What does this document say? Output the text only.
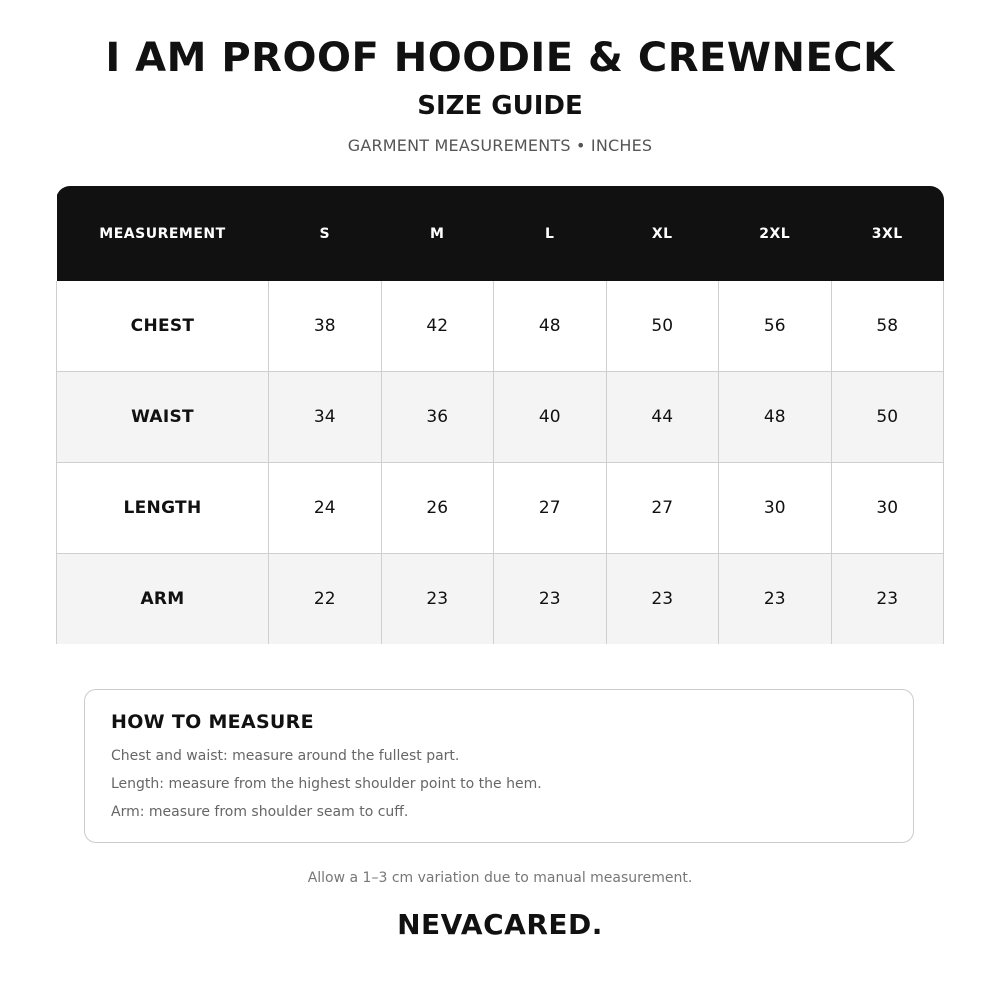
I AM PROOF HOODIE & CREWNECK
SIZE GUIDE
GARMENT MEASUREMENTS • INCHES
MEASUREMENT	S	M	L	XL	2XL	3XL
CHEST	38	42	48	50	56	58
WAIST	34	36	40	44	48	50
LENGTH	24	26	27	27	30	30
ARM	22	23	23	23	23	23
HOW TO MEASURE
Chest and waist: measure around the fullest part.
Length: measure from the highest shoulder point to the hem.
Arm: measure from shoulder seam to cuff.
Allow a 1–3 cm variation due to manual measurement.
NEVACARED.
